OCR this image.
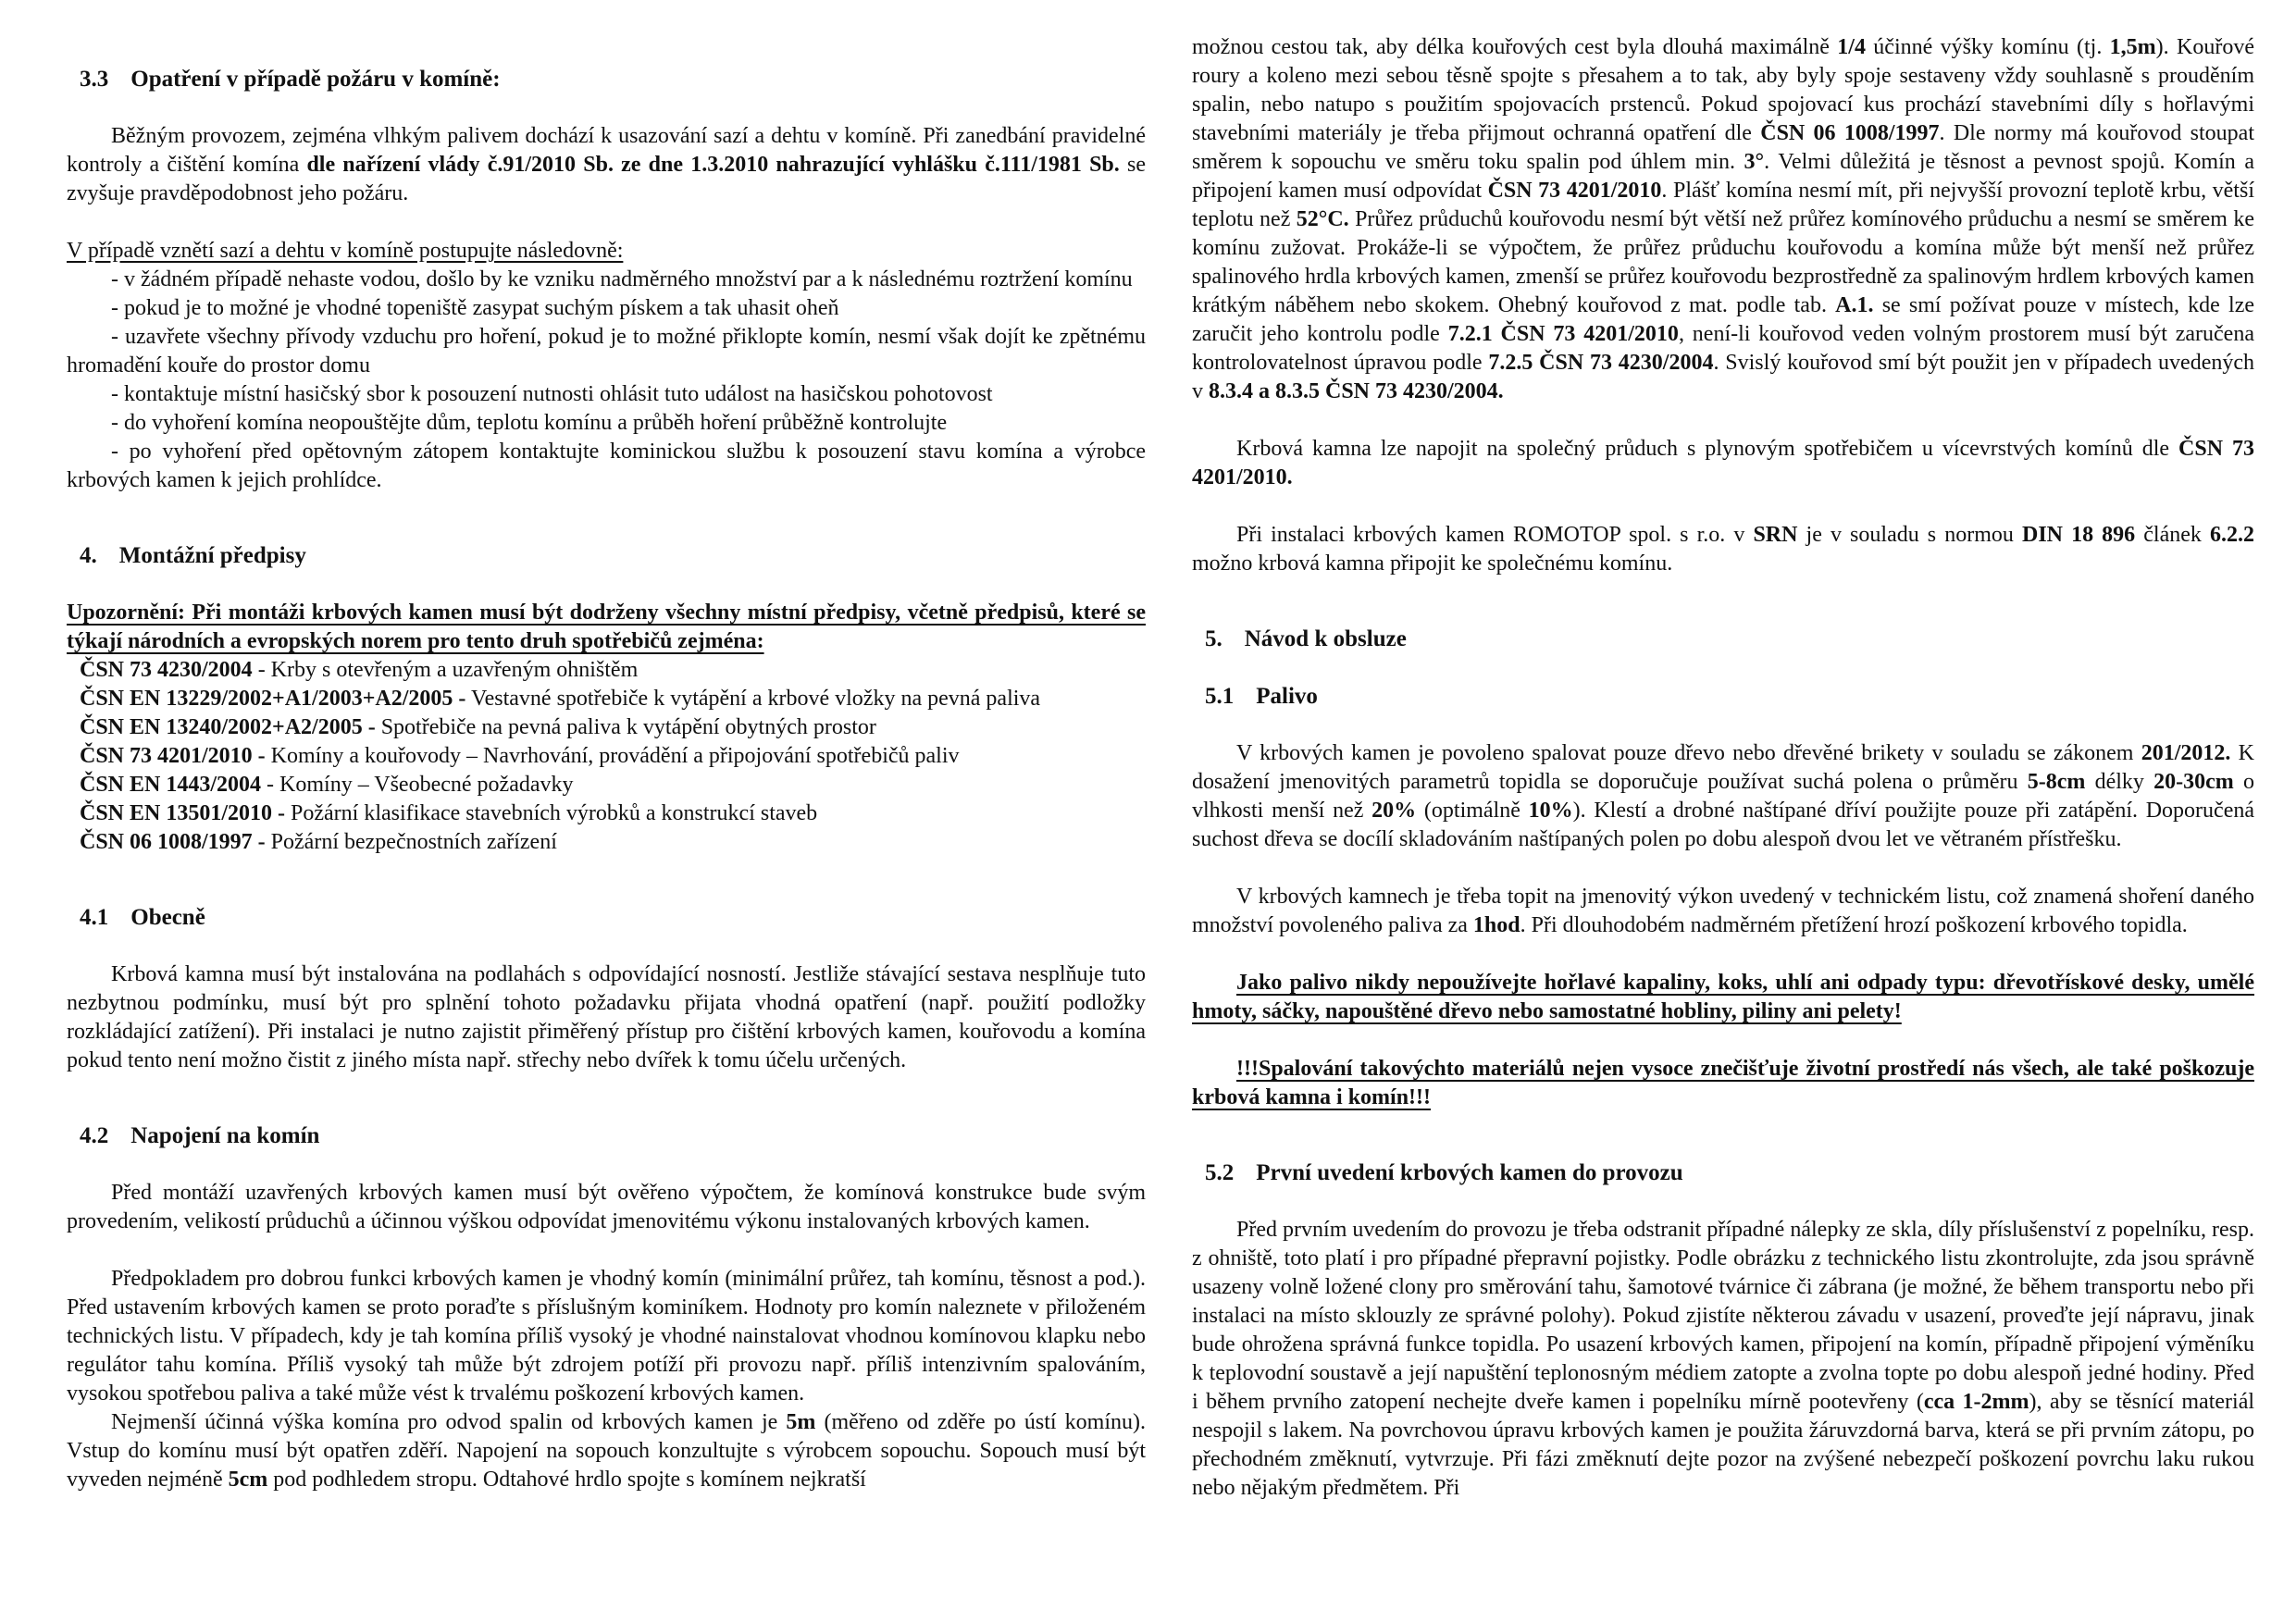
3.3 Opatření v případě požáru v komíně:

Běžným provozem, zejména vlhkým palivem dochází k usazování sazí a dehtu v komíně. Při zanedbání pravidelné kontroly a čištění komína dle nařízení vlády č.91/2010 Sb. ze dne 1.3.2010 nahrazující vyhlášku č.111/1981 Sb. se zvyšuje pravděpodobnost jeho požáru.

V případě vznětí sazí a dehtu v komíně postupujte následovně:

- v žádném případě nehaste vodou, došlo by ke vzniku nadměrného množství par a k následnému roztržení komínu

- pokud je to možné je vhodné topeniště zasypat suchým pískem a tak uhasit oheň

- uzavřete všechny přívody vzduchu pro hoření, pokud je to možné přiklopte komín, nesmí však dojít ke zpětnému hromadění kouře do prostor domu

- kontaktuje místní hasičský sbor k posouzení nutnosti ohlásit tuto událost na hasičskou pohotovost

- do vyhoření komína neopouštějte dům, teplotu komínu a průběh hoření průběžně kontrolujte

- po vyhoření před opětovným zátopem kontaktujte kominickou službu k posouzení stavu komína a výrobce krbových kamen k jejich prohlídce.

4. Montážní předpisy

Upozornění: Při montáži krbových kamen musí být dodrženy všechny místní předpisy, včetně předpisů, které se týkají národních a evropských norem pro tento druh spotřebičů zejména:

ČSN 73 4230/2004 - Krby s otevřeným a uzavřeným ohništěm
ČSN EN 13229/2002+A1/2003+A2/2005 - Vestavné spotřebiče k vytápění a krbové vložky na pevná paliva
ČSN EN 13240/2002+A2/2005 - Spotřebiče na pevná paliva k vytápění obytných prostor
ČSN 73 4201/2010 - Komíny a kouřovody – Navrhování, provádění a připojování spotřebičů paliv
ČSN EN 1443/2004 - Komíny – Všeobecné požadavky
ČSN EN 13501/2010 - Požární klasifikace stavebních výrobků a konstrukcí staveb
ČSN 06 1008/1997 - Požární bezpečnostních zařízení
4.1 Obecně

Krbová kamna musí být instalována na podlahách s odpovídající nosností. Jestliže stávající sestava nesplňuje tuto nezbytnou podmínku, musí být pro splnění tohoto požadavku přijata vhodná opatření (např. použití podložky rozkládající zatížení). Při instalaci je nutno zajistit přiměřený přístup pro čištění krbových kamen, kouřovodu a komína pokud tento není možno čistit z jiného místa např. střechy nebo dvířek k tomu účelu určených.

4.2 Napojení na komín

Před montáží uzavřených krbových kamen musí být ověřeno výpočtem, že komínová konstrukce bude svým provedením, velikostí průduchů a účinnou výškou odpovídat jmenovitému výkonu instalovaných krbových kamen.

Předpokladem pro dobrou funkci krbových kamen je vhodný komín (minimální průřez, tah komínu, těsnost a pod.). Před ustavením krbových kamen se proto poraďte s příslušným kominíkem. Hodnoty pro komín naleznete v přiloženém technických listu. V případech, kdy je tah komína příliš vysoký je vhodné nainstalovat vhodnou komínovou klapku nebo regulátor tahu komína. Příliš vysoký tah může být zdrojem potíží při provozu např. příliš intenzivním spalováním, vysokou spotřebou paliva a také může vést k trvalému poškození krbových kamen.

Nejmenší účinná výška komína pro odvod spalin od krbových kamen je 5m (měřeno od zděře po ústí komínu). Vstup do komínu musí být opatřen zděří. Napojení na sopouch konzultujte s výrobcem sopouchu. Sopouch musí být vyveden nejméně 5cm pod podhledem stropu. Odtahové hrdlo spojte s komínem nejkratší

možnou cestou tak, aby délka kouřových cest byla dlouhá maximálně 1/4 účinné výšky komínu (tj. 1,5m). Kouřové roury a koleno mezi sebou těsně spojte s přesahem a to tak, aby byly spoje sestaveny vždy souhlasně s prouděním spalin, nebo natupo s použitím spojovacích prstenců. Pokud spojovací kus prochází stavebními díly s hořlavými stavebními materiály je třeba přijmout ochranná opatření dle ČSN 06 1008/1997. Dle normy má kouřovod stoupat směrem k sopouchu ve směru toku spalin pod úhlem min. 3°. Velmi důležitá je těsnost a pevnost spojů. Komín a připojení kamen musí odpovídat ČSN 73 4201/2010. Plášť komína nesmí mít, při nejvyšší provozní teplotě krbu, větší teplotu než 52°C. Průřez průduchů kouřovodu nesmí být větší než průřez komínového průduchu a nesmí se směrem ke komínu zužovat. Prokáže-li se výpočtem, že průřez průduchu kouřovodu a komína může být menší než průřez spalinového hrdla krbových kamen, zmenší se průřez kouřovodu bezprostředně za spalinovým hrdlem krbových kamen krátkým náběhem nebo skokem. Ohebný kouřovod z mat. podle tab. A.1. se smí požívat pouze v místech, kde lze zaručit jeho kontrolu podle 7.2.1 ČSN 73 4201/2010, není-li kouřovod veden volným prostorem musí být zaručena kontrolovatelnost úpravou podle 7.2.5 ČSN 73 4230/2004. Svislý kouřovod smí být použit jen v případech uvedených v 8.3.4 a 8.3.5 ČSN 73 4230/2004.

Krbová kamna lze napojit na společný průduch s plynovým spotřebičem u vícevrstvých komínů dle ČSN 73 4201/2010.

Při instalaci krbových kamen ROMOTOP spol. s r.o. v SRN je v souladu s normou DIN 18 896 článek 6.2.2 možno krbová kamna připojit ke společnému komínu.

5. Návod k obsluze
5.1 Palivo

V krbových kamen je povoleno spalovat pouze dřevo nebo dřevěné brikety v souladu se zákonem 201/2012. K dosažení jmenovitých parametrů topidla se doporučuje používat suchá polena o průměru 5-8cm délky 20-30cm o vlhkosti menší než 20% (optimálně 10%). Klestí a drobné naštípané dříví použijte pouze při zatápění. Doporučená suchost dřeva se docílí skladováním naštípaných polen po dobu alespoň dvou let ve větraném přístřešku.

V krbových kamnech je třeba topit na jmenovitý výkon uvedený v technickém listu, což znamená shoření daného množství povoleného paliva za 1hod. Při dlouhodobém nadměrném přetížení hrozí poškození krbového topidla.

Jako palivo nikdy nepoužívejte hořlavé kapaliny, koks, uhlí ani odpady typu: dřevotřískové desky, umělé hmoty, sáčky, napouštěné dřevo nebo samostatné hobliny, piliny ani pelety!

!!!Spalování takovýchto materiálů nejen vysoce znečišťuje životní prostředí nás všech, ale také poškozuje krbová kamna i komín!!!

5.2 První uvedení krbových kamen do provozu

Před prvním uvedením do provozu je třeba odstranit případné nálepky ze skla, díly příslušenství z popelníku, resp. z ohniště, toto platí i pro případné přepravní pojistky. Podle obrázku z technického listu zkontrolujte, zda jsou správně usazeny volně ložené clony pro směrování tahu, šamotové tvárnice či zábrana (je možné, že během transportu nebo při instalaci na místo sklouzly ze správné polohy). Pokud zjistíte některou závadu v usazení, proveďte její nápravu, jinak bude ohrožena správná funkce topidla. Po usazení krbových kamen, připojení na komín, případně připojení výměníku k teplovodní soustavě a její napuštění teplonosným médiem zatopte a zvolna topte po dobu alespoň jedné hodiny. Před i během prvního zatopení nechejte dveře kamen i popelníku mírně pootevřeny (cca 1-2mm), aby se těsnící materiál nespojil s lakem. Na povrchovou úpravu krbových kamen je použita žáruvzdorná barva, která se při prvním zátopu, po přechodném změknutí, vytvrzuje. Při fázi změknutí dejte pozor na zvýšené nebezpečí poškození povrchu laku rukou nebo nějakým předmětem. Při
